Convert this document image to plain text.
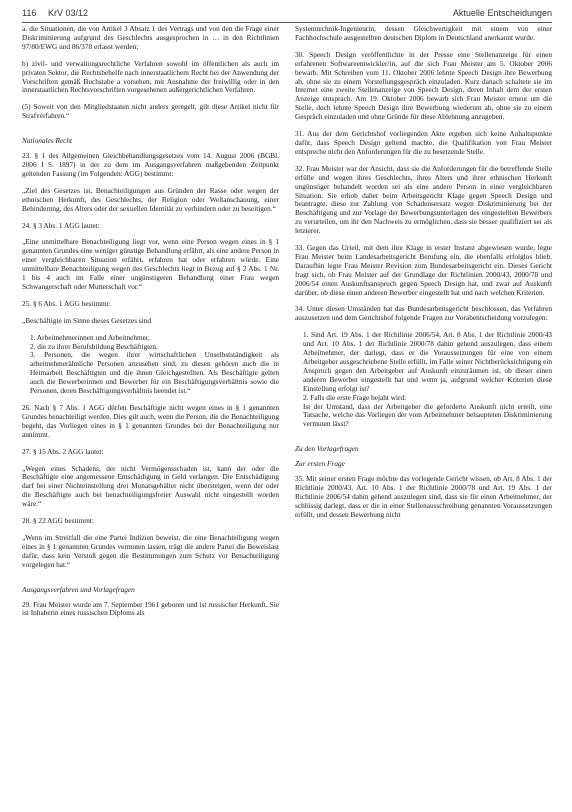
116 KrV 03/12	Aktuelle Entscheidungen

a. die Situationen, die von Artikel 3 Absatz 1 des Vertrags und von den die Frage einer Diskriminierung aufgrund des Geschlechts ausgesprochen in … in den Richtlinien 97/80/EWG und 86/378 erfasst werden;

b) zivil- und verwaltungsrechtliche Verfahren sowohl im öffentlichen als auch im privaten Sektor, die Rechtsbehelfe nach innerstaatlichem Recht bei der Anwendung der Vorschriften gemäß Buchstabe a vorsehen, mit Ausnahme der freiwillig oder in den innerstaatlichen Rechtsvorschriften vorgesehenen außergerichtlichen Verfahren.

(5) Soweit von den Mitgliedstaaten nicht anders geregelt, gilt diese Artikel nicht für Strafverfahren.“

Nationales Recht

23. § 1 des Allgemeinen Gleichbehandlungsgesetzes vom 14. August 2006 (BGBl. 2006 I S. 1897) in der zu dem im Ausgangsverfahren maßgebenden Zeitpunkt geltenden Fassung (im Folgenden: AGG) bestimmt:

„Ziel des Gesetzes ist, Benachteiligungen aus Gründen der Rasse oder wegen der ethnischen Herkunft, des Geschlechts, der Religion oder Weltanschauung, einer Behinderung, des Alters oder der sexuellen Identität zu verhindern oder zu beseitigen.“

24. § 3 Abs. 1 AGG lautet:

„Eine unmittelbare Benachteiligung liegt vor, wenn eine Person wegen eines in § 1 genannten Grundes eine weniger günstige Behandlung erfährt, als eine andere Person in einer vergleichbaren Situation erfährt, erfahren hat oder erfahren würde. Eine unmittelbare Benachteiligung wegen des Geschlechts liegt in Bezug auf § 2 Abs. 1 Nr. 1 bis 4 auch im Falle einer ungünstigeren Behandlung einer Frau wegen Schwangerschaft oder Mutterschaft vor.“

25. § 6 Abs. 1 AGG bestimmt:

„Beschäftigte im Sinne dieses Gesetzes sind

1. Arbeitnehmerinnen und Arbeitnehmer,

2. die zu ihrer Berufsbildung Beschäftigten,

3. Personen, die wegen ihrer wirtschaftlichen Unselbstständigkeit als arbeitnehmerähnliche Personen anzusehen sind; zu diesen gehören auch die in Heimarbeit Beschäftigten und die ihnen Gleichgestellten. Als Beschäftigte gelten auch die Bewerberinnen und Bewerber für ein Beschäftigungsverhältnis sowie die Personen, deren Beschäftigungsverhältnis beendet ist.“

26. Nach § 7 Abs. 1 AGG dürfen Beschäftigte nicht wegen eines in § 1 genannten Grundes benachteiligt werden. Dies gilt auch, wenn die Person, die die Benachteiligung begeht, das Vorliegen eines in § 1 genannten Grundes bei der Benachteiligung nur annimmt.

27. § 15 Abs. 2 AGG lautet:

„Wegen eines Schadens, der nicht Vermögensschaden ist, kann der oder die Beschäftigte eine angemessene Entschädigung in Geld verlangen. Die Entschädigung darf bei einer Nichteinstellung drei Monatsgehälter nicht übersteigen, wenn der oder die Beschäftigte auch bei benachteiligungsfreier Auswahl nicht eingestellt worden wäre.“

28. § 22 AGG bestimmt:

„Wenn im Streitfall die eine Partei Indizien beweist, die eine Benachteiligung wegen eines in § 1 genannten Grundes vermuten lassen, trägt die andere Partei die Beweislast dafür, dass kein Verstoß gegen die Bestimmungen zum Schutz vor Benachteiligung vorgelegen hat.“

Ausgangsverfahren und Vorlagefragen

29. Frau Meister wurde am 7. September 1961 geboren und ist russischer Herkunft. Sie ist Inhaberin eines russischen Diploms als

Systemtechnik-Ingenieurin, dessen Gleichwertigkeit mit einem von einer Fachhochschule ausgestellten deutschen Diplom in Deutschland anerkannt wurde.

30. Speech Design veröffentlichte in der Presse eine Stellenanzeige für einen erfahrenen Softwareentwickler/in, auf die sich Frau Meister am 5. Oktober 2006 bewarb. Mit Schreiben vom 11. Oktober 2006 lehnte Speech Design ihre Bewerbung ab, ohne sie zu einem Vorstellungsgespräch einzuladen. Kurz danach schaltete sie im Internet eine zweite Stellenanzeige von Speech Design, deren Inhalt dem der ersten Anzeige entsprach. Am 19. Oktober 2006 bewarb sich Frau Meister erneut um die Stelle, doch lehnte Speech Design ihre Bewerbung wiederum ab, ohne sie zu einem Gespräch einzuladen und ohne Gründe für diese Ablehnung anzugeben.

31. Aus der dem Gerichtshof vorliegenden Akte ergeben sich keine Anhaltspunkte dafür, dass Speech Design geltend machte, die Qualifikation von Frau Meister entspreche nicht den Anforderungen für die zu besetzende Stelle.

32. Frau Meister war der Ansicht, dass sie die Anforderungen für die betreffende Stelle erfülle und wegen ihres Geschlechts, ihres Alters und ihrer ethnischen Herkunft ungünstiger behandelt worden sei als eine andere Person in einer vergleichbaren Situation. Sie erhob daher beim Arbeitsgericht Klage gegen Speech Design und beantragte, diese zur Zahlung von Schadensersatz wegen Diskriminierung bei der Beschäftigung und zur Vorlage der Bewerbungsunterlagen des eingestellten Bewerbers zu verurteilen, um ihr den Nachweis zu ermöglichen, dass sie besser qualifiziert sei als letzterer.

33. Gegen das Urteil, mit dem ihre Klage in erster Instanz abgewiesen wurde, legte Frau Meister beim Landesarbeitsgericht Berufung ein, die ebenfalls erfolglos blieb. Daraufhin legte Frau Meister Revision zum Bundesarbeitsgericht ein. Dieses Gericht fragt sich, ob Frau Meister auf der Grundlage der Richtlinien 2000/43, 2000/78 und 2006/54 einen Auskunftsanspruch gegen Speech Design hat, und zwar auf Auskunft darüber, ob diese einen anderen Bewerber eingestellt hat und nach welchen Kriterien.

34. Unter diesen Umständen hat das Bundesarbeitsgericht beschlossen, das Verfahren auszusetzen und dem Gerichtshof folgende Fragen zur Vorabentscheidung vorzulegen:

1. Sind Art. 19 Abs. 1 der Richtlinie 2006/54, Art. 8 Abs. 1 der Richtlinie 2000/43 und Art. 10 Abs. 1 der Richtlinie 2000/78 dahin gehend auszulegen, dass einem Arbeitnehmer, der darlegt, dass er die Voraussetzungen für eine von einem Arbeitgeber ausgeschriebene Stelle erfüllt, im Falle seiner Nichtberücksichtigung ein Anspruch gegen den Arbeitgeber auf Auskunft einzuräumen ist, ob dieser einen anderen Bewerber eingestellt hat und wenn ja, aufgrund welcher Kriterien diese Einstellung erfolgt ist?

2. Falls die erste Frage bejaht wird:

Ist der Umstand, dass der Arbeitgeber die geforderte Auskunft nicht erteilt, eine Tatsache, welche das Vorliegen der vom Arbeitnehmer behaupteten Diskriminierung vermuten lässt?

Zu den Vorlagefragen

Zur ersten Frage

35. Mit seiner ersten Frage möchte das vorlegende Gericht wissen, ob Art. 8 Abs. 1 der Richtlinie 2000/43, Art. 10 Abs. 1 der Richtlinie 2000/78 und Art. 19 Abs. 1 der Richtlinie 2006/54 dahin gehend auszulegen sind, dass sie für einen Arbeitnehmer, der schlüssig darlegt, dass er die in einer Stellenausschreibung genannten Voraussetzungen erfüllt, und dessen Bewerbung nicht
